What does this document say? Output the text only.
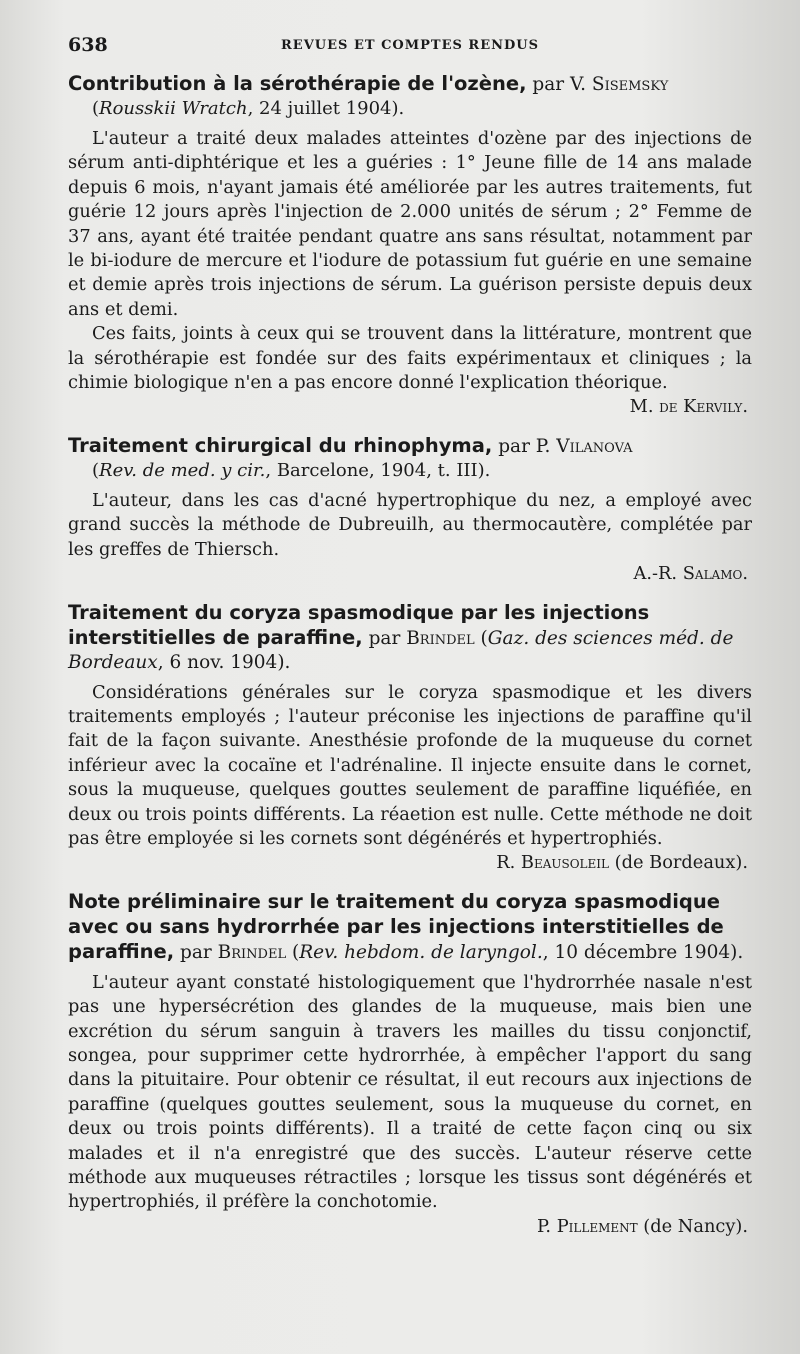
638	REVUES ET COMPTES RENDUS

Contribution à la sérothérapie de l'ozène, par V. Sisemsky

(Rousskii Wratch, 24 juillet 1904).

L'auteur a traité deux malades atteintes d'ozène par des injections de sérum anti-diphtérique et les a guéries : 1° Jeune fille de 14 ans malade depuis 6 mois, n'ayant jamais été améliorée par les autres traitements, fut guérie 12 jours après l'injection de 2.000 unités de sérum ; 2° Femme de 37 ans, ayant été traitée pendant quatre ans sans résultat, notamment par le bi-iodure de mercure et l'iodure de potassium fut guérie en une semaine et demie après trois injections de sérum. La guérison persiste depuis deux ans et demi.

Ces faits, joints à ceux qui se trouvent dans la littérature, montrent que la sérothérapie est fondée sur des faits expérimentaux et cliniques ; la chimie biologique n'en a pas encore donné l'explication théorique.

M. de Kervily.

Traitement chirurgical du rhinophyma, par P. Vilanova

(Rev. de med. y cir., Barcelone, 1904, t. III).

L'auteur, dans les cas d'acné hypertrophique du nez, a employé avec grand succès la méthode de Dubreuilh, au thermocautère, complétée par les greffes de Thiersch.

A.-R. Salamo.

Traitement du coryza spasmodique par les injections interstitielles de paraffine, par Brindel (Gaz. des sciences méd. de Bordeaux, 6 nov. 1904).

Considérations générales sur le coryza spasmodique et les divers traitements employés ; l'auteur préconise les injections de paraffine qu'il fait de la façon suivante. Anesthésie profonde de la muqueuse du cornet inférieur avec la cocaïne et l'adrénaline. Il injecte ensuite dans le cornet, sous la muqueuse, quelques gouttes seulement de paraffine liquéfiée, en deux ou trois points différents. La réaetion est nulle. Cette méthode ne doit pas être employée si les cornets sont dégénérés et hypertrophiés.

R. Beausoleil (de Bordeaux).

Note préliminaire sur le traitement du coryza spasmodique avec ou sans hydrorrhée par les injections interstitielles de paraffine, par Brindel (Rev. hebdom. de laryngol., 10 décembre 1904).

L'auteur ayant constaté histologiquement que l'hydrorrhée nasale n'est pas une hypersécrétion des glandes de la muqueuse, mais bien une excrétion du sérum sanguin à travers les mailles du tissu conjonctif, songea, pour supprimer cette hydrorrhée, à empêcher l'apport du sang dans la pituitaire. Pour obtenir ce résultat, il eut recours aux injections de paraffine (quelques gouttes seulement, sous la muqueuse du cornet, en deux ou trois points différents). Il a traité de cette façon cinq ou six malades et il n'a enregistré que des succès. L'auteur réserve cette méthode aux muqueuses rétractiles ; lorsque les tissus sont dégénérés et hypertrophiés, il préfère la conchotomie.

P. Pillement (de Nancy).
